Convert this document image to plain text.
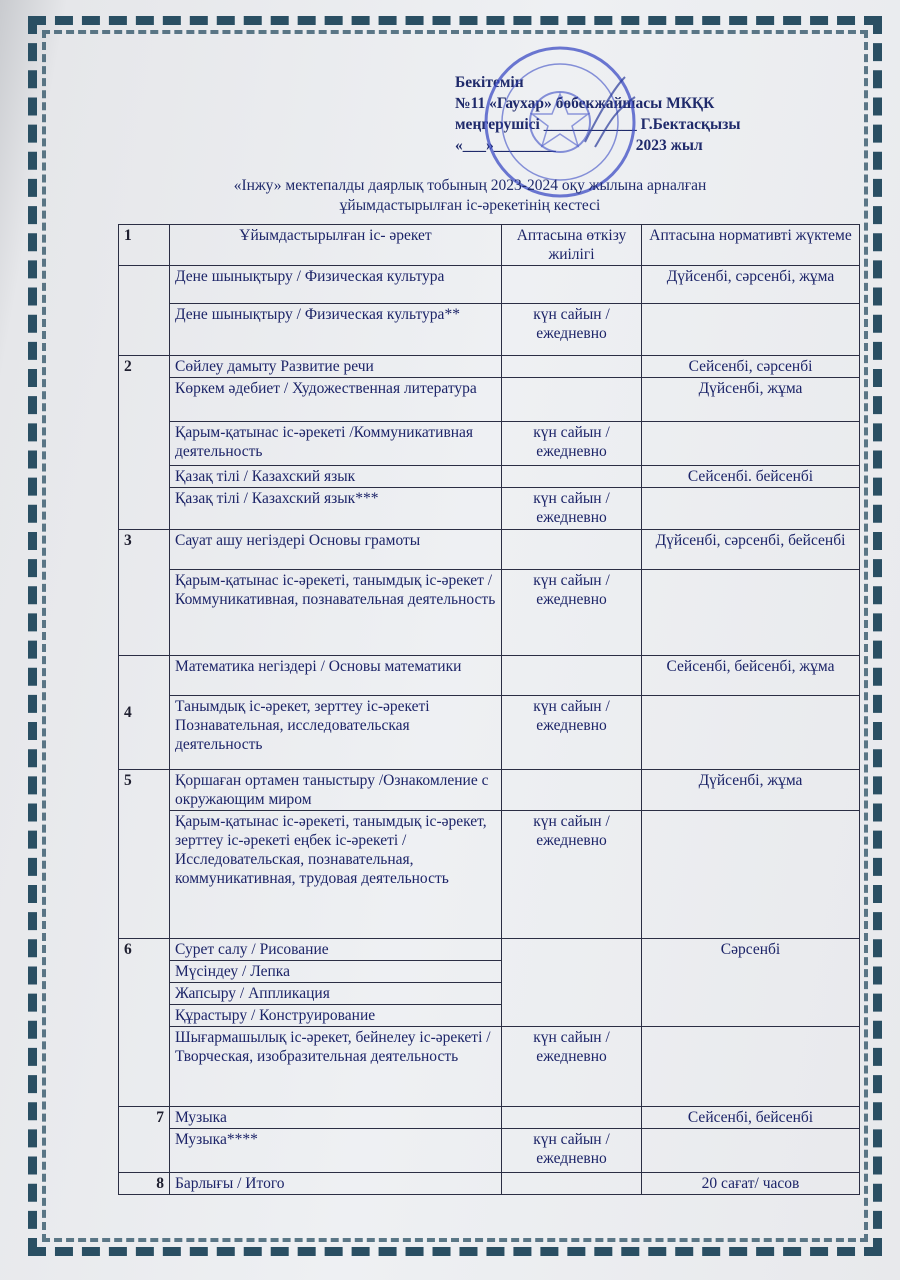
Бекітемін
№11 «Гаухар» бөбекжайшасы МКҚК
меңгерушісі ____________ Г.Бектасқызы
«___»________	2023 жыл
«Інжу» мектепалды даярлық тобының 2023-2024 оқу жылына арналған
ұйымдастырылған іс-әрекетінің кестесі
1	Ұйымдастырылған іс- әрекет	Аптасына өткізу жиілігі	Аптасына нормативті жүктеме
	Дене шынықтыру / Физическая культура		Дүйсенбі, сәрсенбі, жұма
	Дене шынықтыру / Физическая культура**	күн сайын / ежедневно	
2	Сөйлеу дамыту Развитие речи		Сейсенбі, сәрсенбі
	Көркем әдебиет / Художественная литература		Дүйсенбі, жұма
	Қарым-қатынас іс-әрекеті /Коммуникативная деятельность	күн сайын / ежедневно	
	Қазақ тілі / Казахский язык		Сейсенбі. бейсенбі
	Қазақ тілі / Казахский язык***	күн сайын / ежедневно	
3	Сауат ашу негіздері Основы грамоты		Дүйсенбі, сәрсенбі, бейсенбі
	Қарым-қатынас іс-әрекеті, танымдық іс-әрекет / Коммуникативная, познавательная деятельность	күн сайын / ежедневно	
4	Математика негіздері / Основы математики		Сейсенбі, бейсенбі, жұма
	Танымдық іс-әрекет, зерттеу іс-әрекеті Познавательная, исследовательская деятельность	күн сайын / ежедневно	
5	Қоршаған ортамен таныстыру /Ознакомление с окружающим миром		Дүйсенбі, жұма
	Қарым-қатынас іс-әрекеті, танымдық іс-әрекет, зерттеу іс-әрекеті еңбек іс-әрекеті / Исследовательская, познавательная, коммуникативная, трудовая деятельность	күн сайын / ежедневно	
6	Сурет салу / Рисование		Сәрсенбі
	Мүсіндеу / Лепка		
	Жапсыру / Аппликация		
	Құрастыру / Конструирование		
	Шығармашылық іс-әрекет, бейнелеу іс-әрекеті / Творческая, изобразительная деятельность	күн сайын / ежедневно	
7	Музыка		Сейсенбі, бейсенбі
	Музыка****	күн сайын / ежедневно	
8	Барлығы / Итого		20 сағат/ часов
